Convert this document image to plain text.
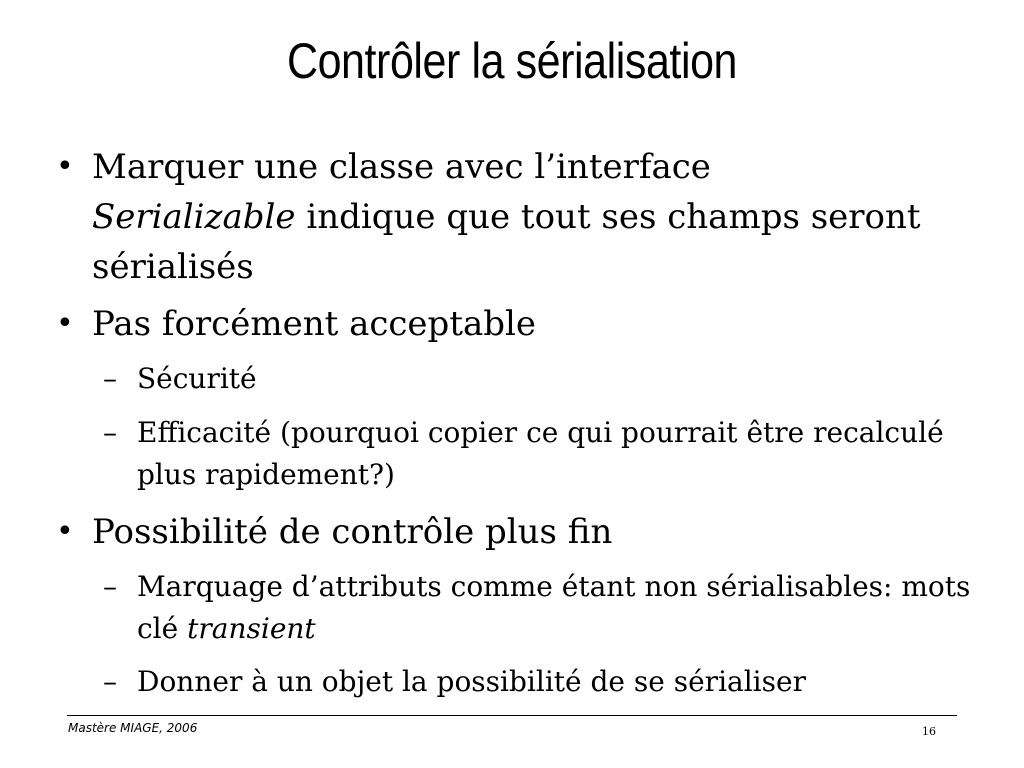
Contrôler la sérialisation
• Marquer une classe avec l’interface
Serializable indique que tout ses champs seront sérialisés
• Pas forcément acceptable
– Sécurité
– Efficacité (pourquoi copier ce qui pourrait être recalculé plus rapidement?)
• Possibilité de contrôle plus fin
– Marquage d’attributs comme étant non sérialisables: mots clé transient
– Donner à un objet la possibilité de se sérialiser
Mastère MIAGE, 2006	16
